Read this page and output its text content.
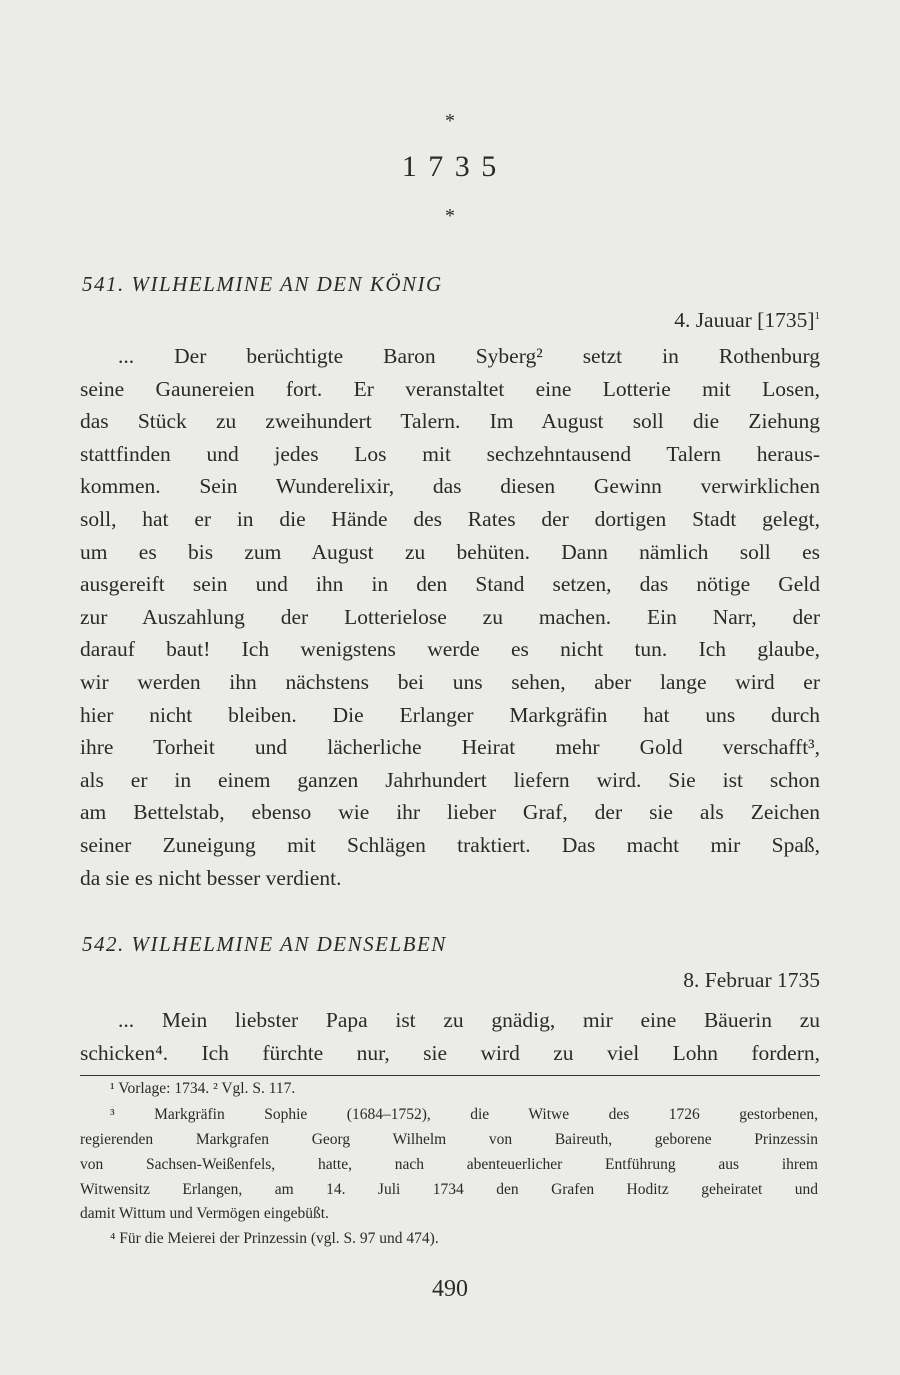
*
1 7 3 5
*
541. WILHELMINE AN DEN KÖNIG
4. Jauuar $[1735]^1$
... Der berüchtigte Baron Syberg² setzt in Rothenburg
seine Gaunereien fort. Er veranstaltet eine Lotterie mit Losen,
das Stück zu zweihundert Talern. Im August soll die Ziehung
stattfinden und jedes Los mit sechzehntausend Talern heraus-
kommen. Sein Wunderelixir, das diesen Gewinn verwirklichen
soll, hat er in die Hände des Rates der dortigen Stadt gelegt,
um es bis zum August zu behüten. Dann nämlich soll es
ausgereift sein und ihn in den Stand setzen, das nötige Geld
zur Auszahlung der Lotterielose zu machen. Ein Narr, der
darauf baut! Ich wenigstens werde es nicht tun. Ich glaube,
wir werden ihn nächstens bei uns sehen, aber lange wird er
hier nicht bleiben. Die Erlanger Markgräfin hat uns durch
ihre Torheit und lächerliche Heirat mehr Gold verschafft³,
als er in einem ganzen Jahrhundert liefern wird. Sie ist schon
am Bettelstab, ebenso wie ihr lieber Graf, der sie als Zeichen
seiner Zuneigung mit Schlägen traktiert. Das macht mir Spaß,
da sie es nicht besser verdient.
542. WILHELMINE AN DENSELBEN
8. Februar 1735
... Mein liebster Papa ist zu gnädig, mir eine Bäuerin zu
schicken⁴. Ich fürchte nur, sie wird zu viel Lohn fordern,
¹ Vorlage: 1734. ² Vgl. S. 117.
³ Markgräfin Sophie (1684–1752), die Witwe des 1726 gestorbenen,
regierenden Markgrafen Georg Wilhelm von Baireuth, geborene Prinzessin
von Sachsen-Weißenfels, hatte, nach abenteuerlicher Entführung aus ihrem
Witwensitz Erlangen, am 14. Juli 1734 den Grafen Hoditz geheiratet und
damit Wittum und Vermögen eingebüßt.
⁴ Für die Meierei der Prinzessin (vgl. S. 97 und 474).
490
